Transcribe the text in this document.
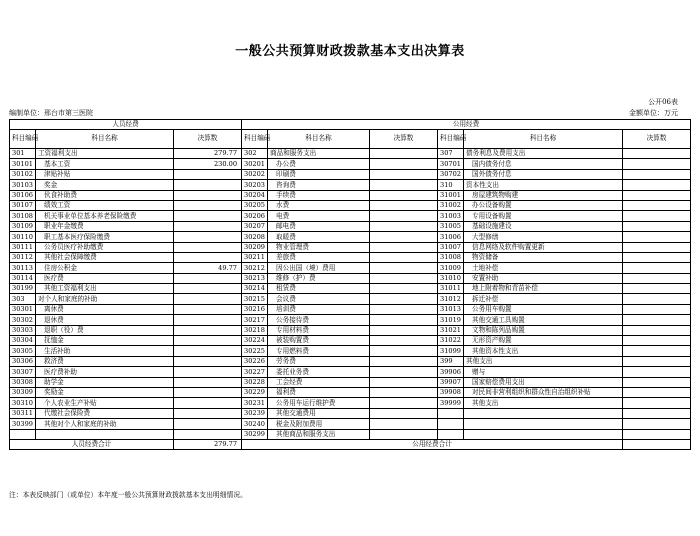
一般公共预算财政拨款基本支出决算表
公开06表
编制单位：邢台市第三医院	金额单位：万元
人员经费			公用经费					
科目编码	科目名称	决算数	科目编码	科目名称	决算数	科目编码	科目名称	决算数
301	工资福利支出	279.77	302	商品和服务支出		307	债务利息及费用支出	
30101	基本工资	230.00	30201	办公费		30701	国内债务付息	
30102	津贴补贴		30202	印刷费		30702	国外债务付息	
30103	奖金		30203	咨询费		310	资本性支出	
30106	伙食补助费		30204	手续费		31001	房屋建筑物购建	
30107	绩效工资		30205	水费		31002	办公设备购置	
30108	机关事业单位基本养老保险缴费		30206	电费		31003	专用设备购置	
30109	职业年金缴费		30207	邮电费		31005	基础设施建设	
30110	职工基本医疗保险缴费		30208	取暖费		31006	大型修缮	
30111	公务员医疗补助缴费		30209	物业管理费		31007	信息网络及软件购置更新	
30112	其他社会保障缴费		30211	差旅费		31008	物资储备	
30113	住房公积金	49.77	30212	因公出国（境）费用		31009	土地补偿	
30114	医疗费		30213	维修（护）费		31010	安置补助	
30199	其他工资福利支出		30214	租赁费		31011	地上附着物和青苗补偿	
303	对个人和家庭的补助		30215	会议费		31012	拆迁补偿	
30301	离休费		30216	培训费		31013	公务用车购置	
30302	退休费		30217	公务接待费		31019	其他交通工具购置	
30303	退职（役）费		30218	专用材料费		31021	文物和陈列品购置	
30304	抚恤金		30224	被装购置费		31022	无形资产购置	
30305	生活补助		30225	专用燃料费		31099	其他资本性支出	
30306	救济费		30226	劳务费		399	其他支出	
30307	医疗费补助		30227	委托业务费		39906	赠与	
30308	助学金		30228	工会经费		39907	国家赔偿费用支出	
30309	奖励金		30229	福利费		39908	对民间非营利组织和群众性自治组织补贴	
30310	个人农业生产补贴		30231	公务用车运行维护费		39999	其他支出	
30311	代缴社会保险费		30239	其他交通费用				
30399	其他对个人和家庭的补助		30240	税金及附加费用				
			30299	其他商品和服务支出				
人员经费合计		279.77	公用经费合计					
注：本表反映部门（或单位）本年度一般公共预算财政拨款基本支出明细情况。
